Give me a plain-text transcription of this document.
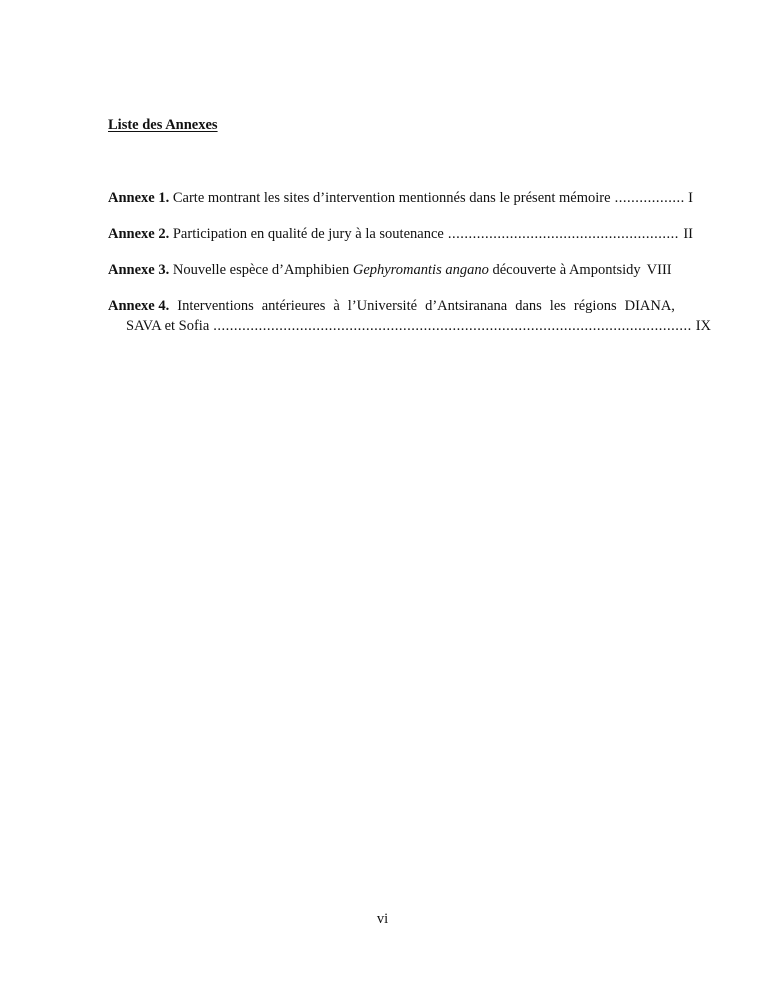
Liste des Annexes
Annexe 1. Carte montrant les sites d’intervention mentionnés dans le présent mémoire .....	I
Annexe 2. Participation en qualité de jury à la soutenance .....	II
Annexe 3. Nouvelle espèce d’Amphibien Gephyromantis angano découverte à Ampontsidy VIII
Annexe 4. Interventions antérieures à l’Université d’Antsiranana dans les régions DIANA,
SAVA et Sofia .....	IX
vi
